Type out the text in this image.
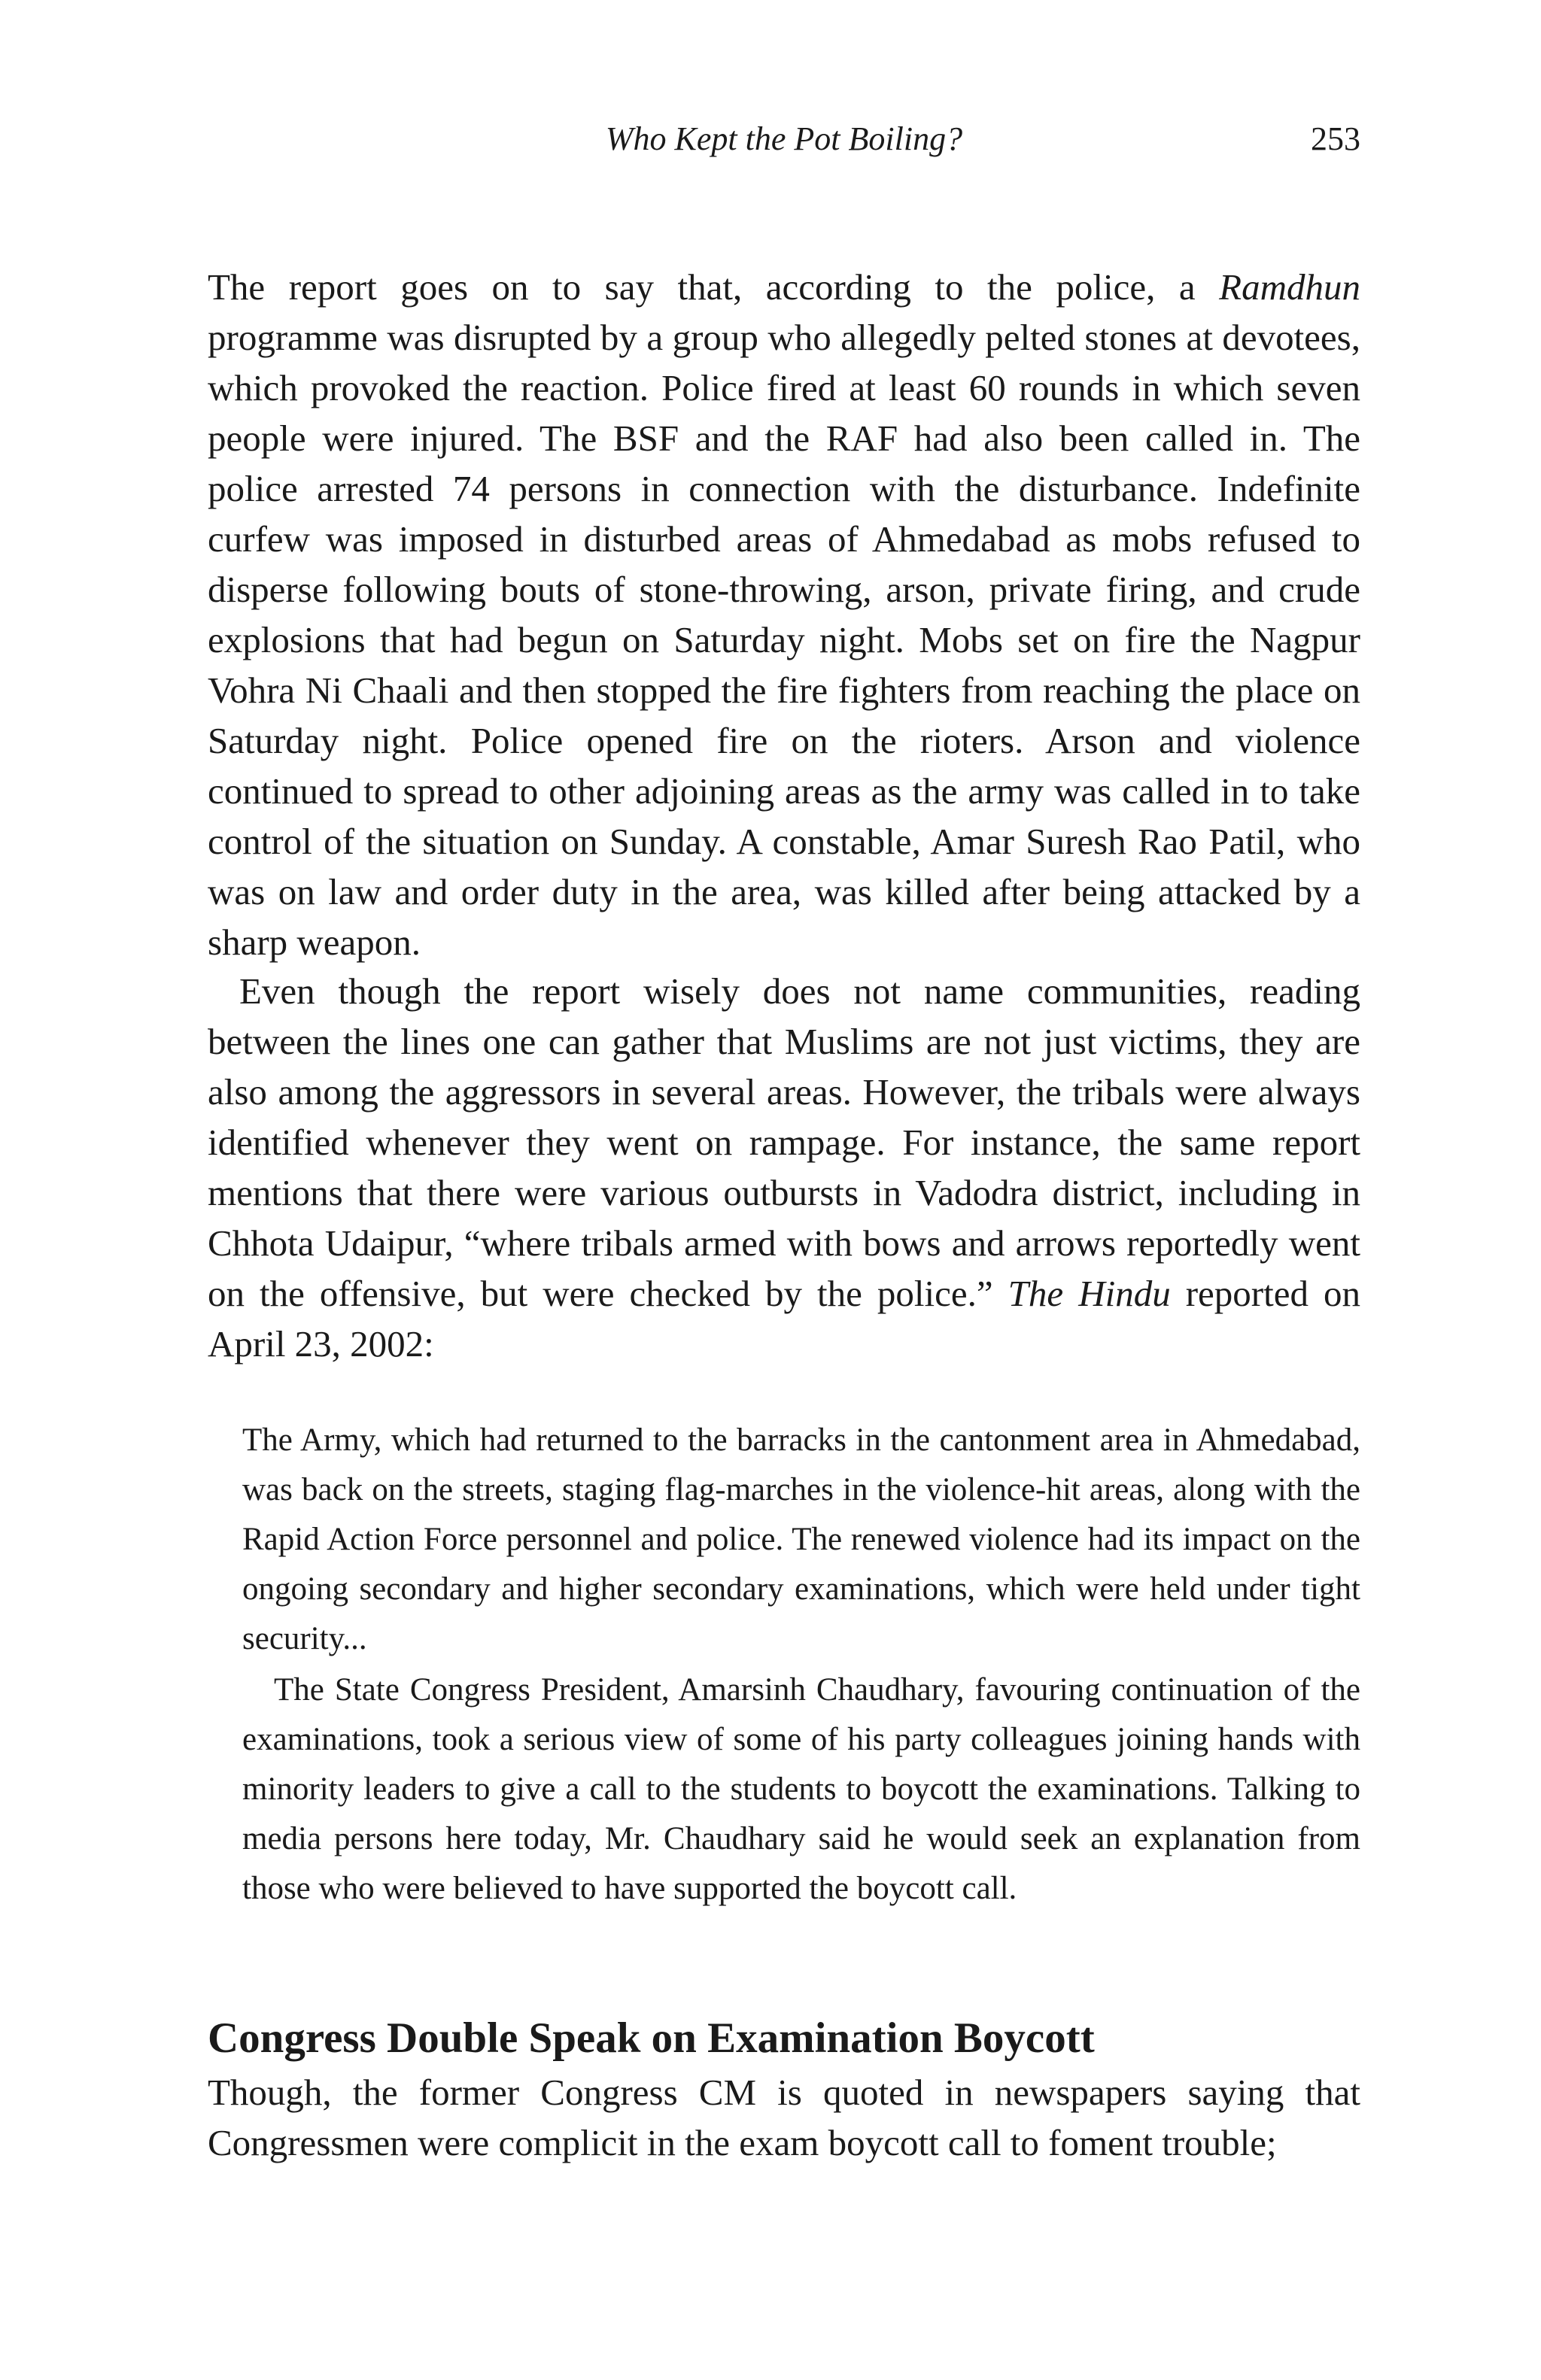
Who Kept the Pot Boiling?	253

The report goes on to say that, according to the police, a Ramdhun programme was disrupted by a group who allegedly pelted stones at devotees, which provoked the reaction. Police fired at least 60 rounds in which seven people were injured. The BSF and the RAF had also been called in. The police arrested 74 persons in connection with the disturbance. Indefinite curfew was imposed in disturbed areas of Ahmedabad as mobs refused to disperse following bouts of stone-throwing, arson, private firing, and crude explosions that had begun on Saturday night. Mobs set on fire the Nagpur Vohra Ni Chaali and then stopped the fire fighters from reaching the place on Saturday night. Police opened fire on the rioters. Arson and violence continued to spread to other adjoining areas as the army was called in to take control of the situation on Sunday. A constable, Amar Suresh Rao Patil, who was on law and order duty in the area, was killed after being attacked by a sharp weapon.

Even though the report wisely does not name communities, reading between the lines one can gather that Muslims are not just victims, they are also among the aggressors in several areas. However, the tribals were always identified whenever they went on rampage. For instance, the same report mentions that there were various outbursts in Vadodra district, including in Chhota Udaipur, “where tribals armed with bows and arrows reportedly went on the offensive, but were checked by the police.” The Hindu reported on April 23, 2002:

The Army, which had returned to the barracks in the cantonment area in Ahmedabad, was back on the streets, staging flag-marches in the violence-hit areas, along with the Rapid Action Force personnel and police. The renewed violence had its impact on the ongoing secondary and higher secondary examinations, which were held under tight security...

The State Congress President, Amarsinh Chaudhary, favouring continuation of the examinations, took a serious view of some of his party colleagues joining hands with minority leaders to give a call to the students to boycott the examinations. Talking to media persons here today, Mr. Chaudhary said he would seek an explanation from those who were believed to have supported the boycott call.

Congress Double Speak on Examination Boycott

Though, the former Congress CM is quoted in newspapers saying that Congressmen were complicit in the exam boycott call to foment trouble;
